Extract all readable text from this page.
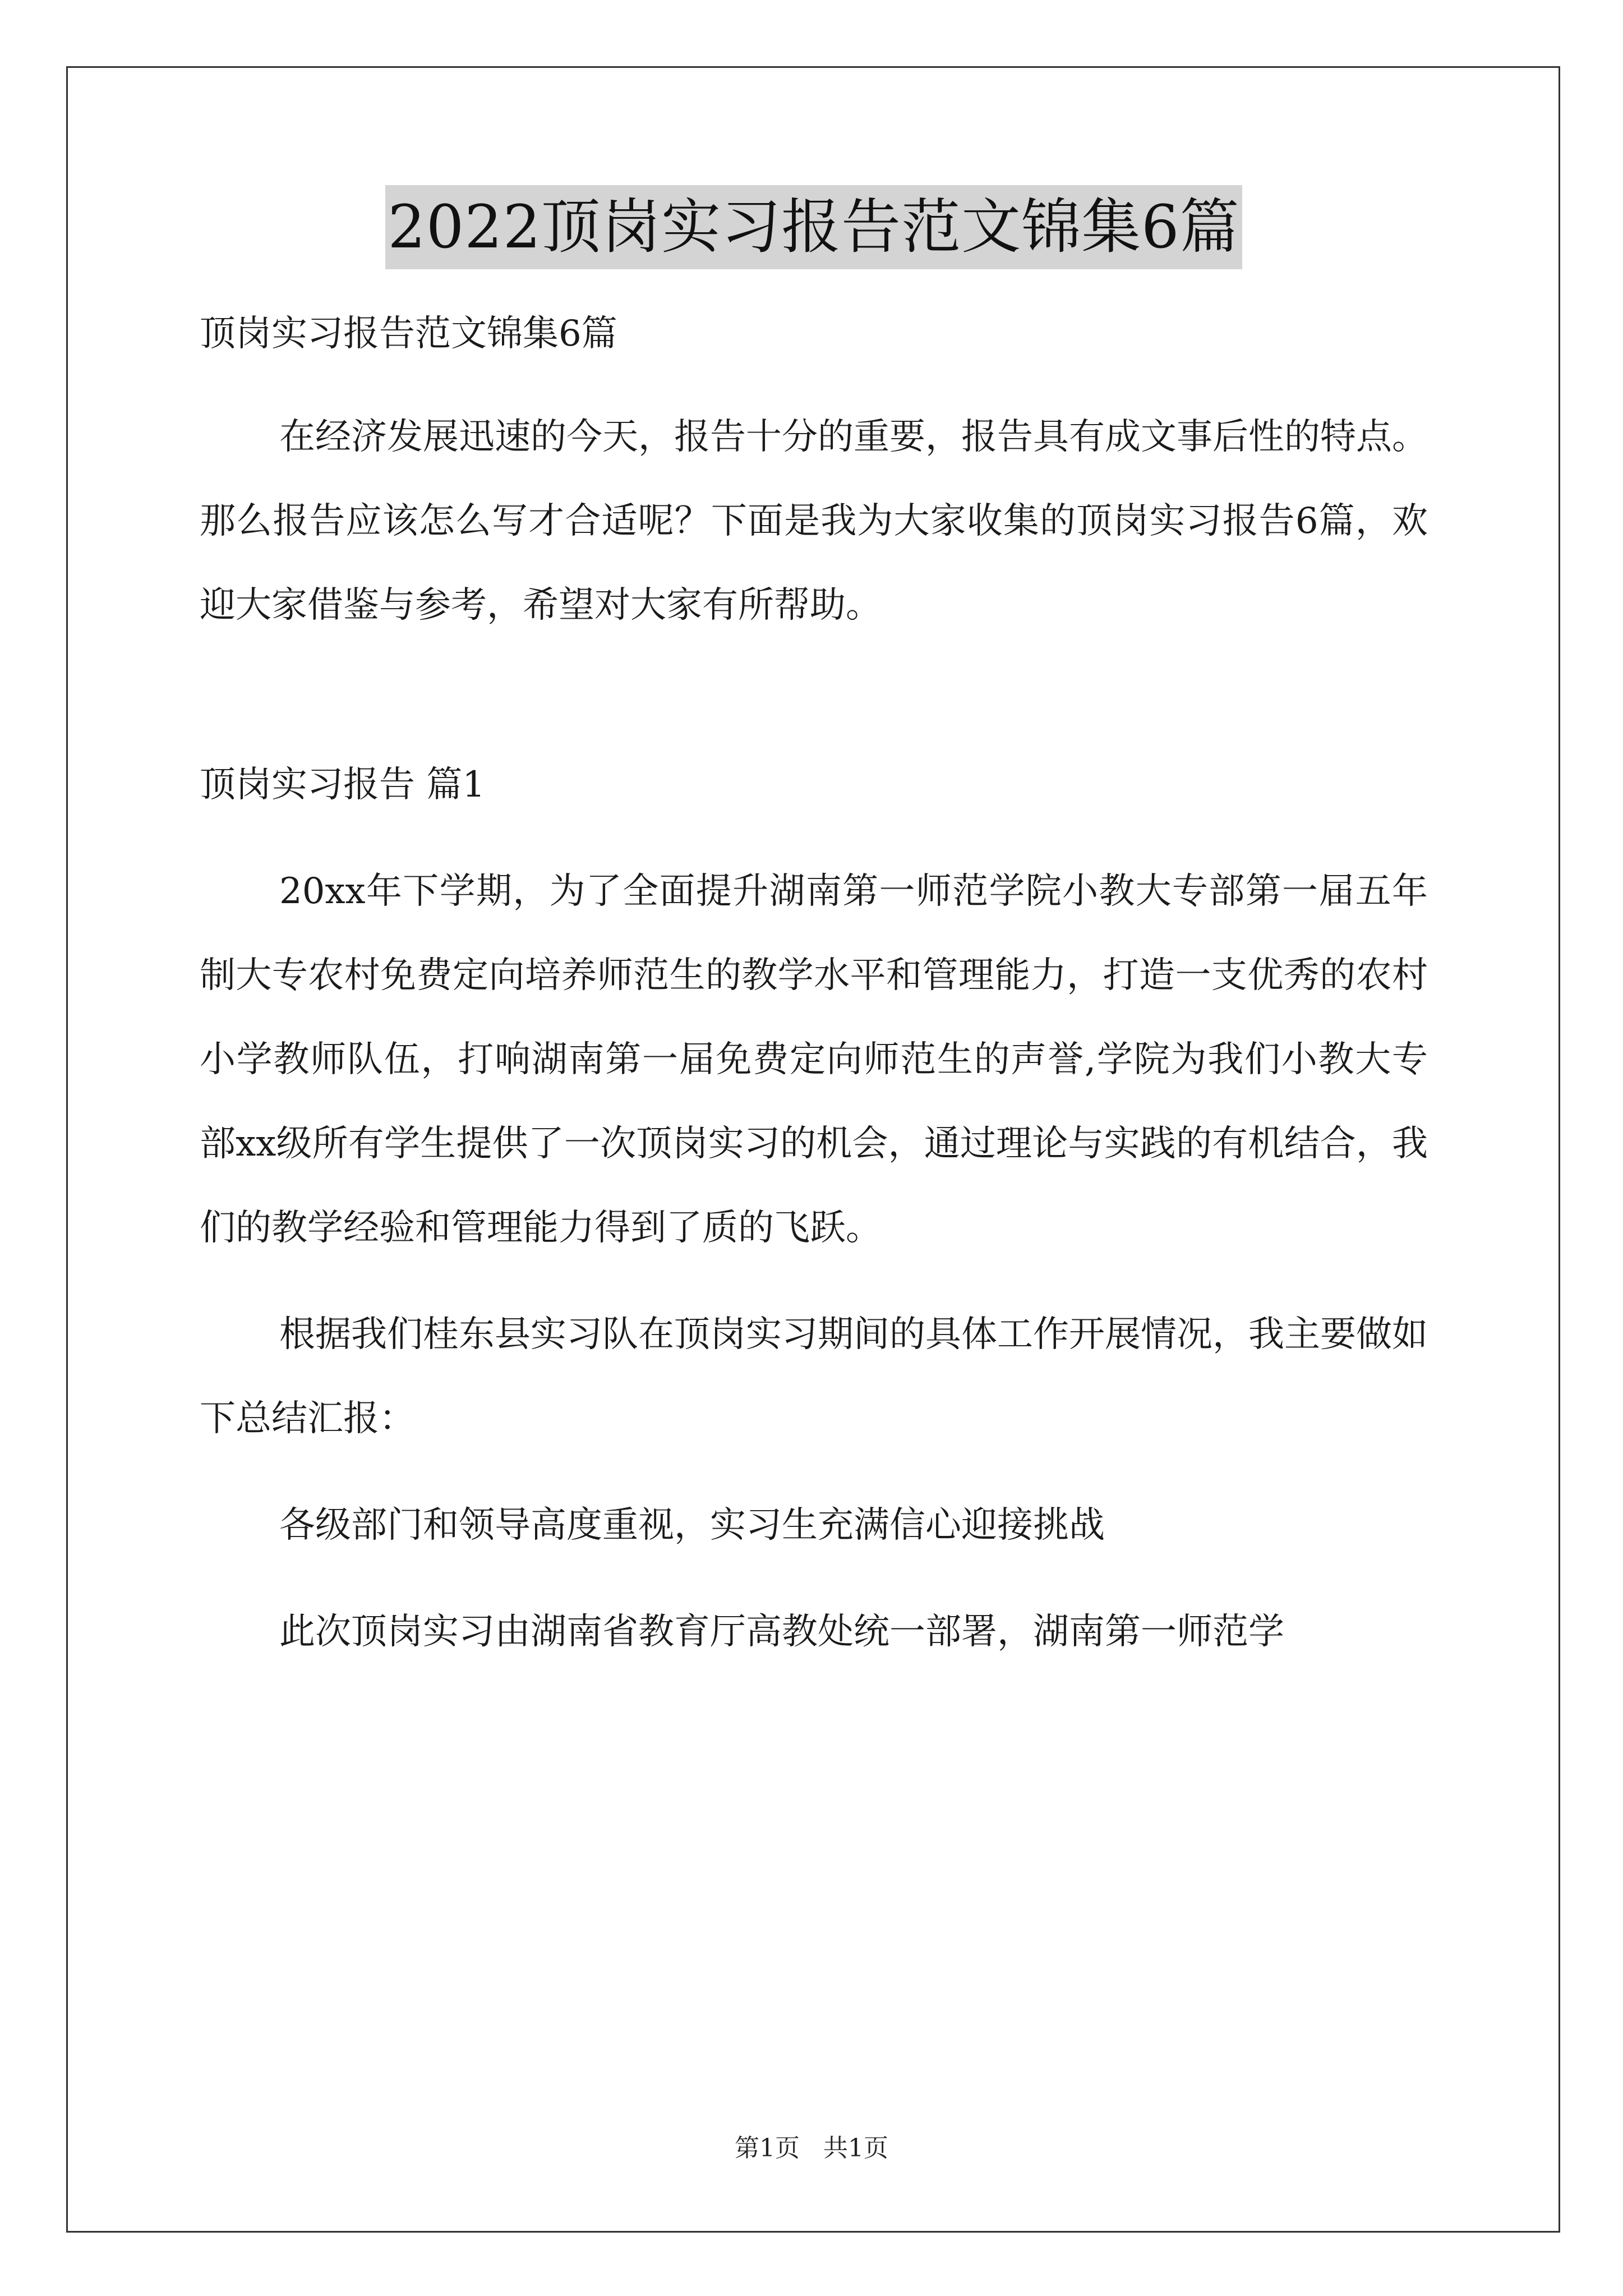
2022顶岗实习报告范文锦集6篇

顶岗实习报告范文锦集6篇

在经济发展迅速的今天，报告十分的重要，报告具有成文事后性的特点。那么报告应该怎么写才合适呢？下面是我为大家收集的顶岗实习报告6篇，欢迎大家借鉴与参考，希望对大家有所帮助。

顶岗实习报告 篇1

20xx年下学期，为了全面提升湖南第一师范学院小教大专部第一届五年制大专农村免费定向培养师范生的教学水平和管理能力，打造一支优秀的农村小学教师队伍，打响湖南第一届免费定向师范生的声誉,学院为我们小教大专部xx级所有学生提供了一次顶岗实习的机会，通过理论与实践的有机结合，我们的教学经验和管理能力得到了质的飞跃。

根据我们桂东县实习队在顶岗实习期间的具体工作开展情况，我主要做如下总结汇报：

各级部门和领导高度重视，实习生充满信心迎接挑战

此次顶岗实习由湖南省教育厅高教处统一部署，湖南第一师范学

第1页 共1页
